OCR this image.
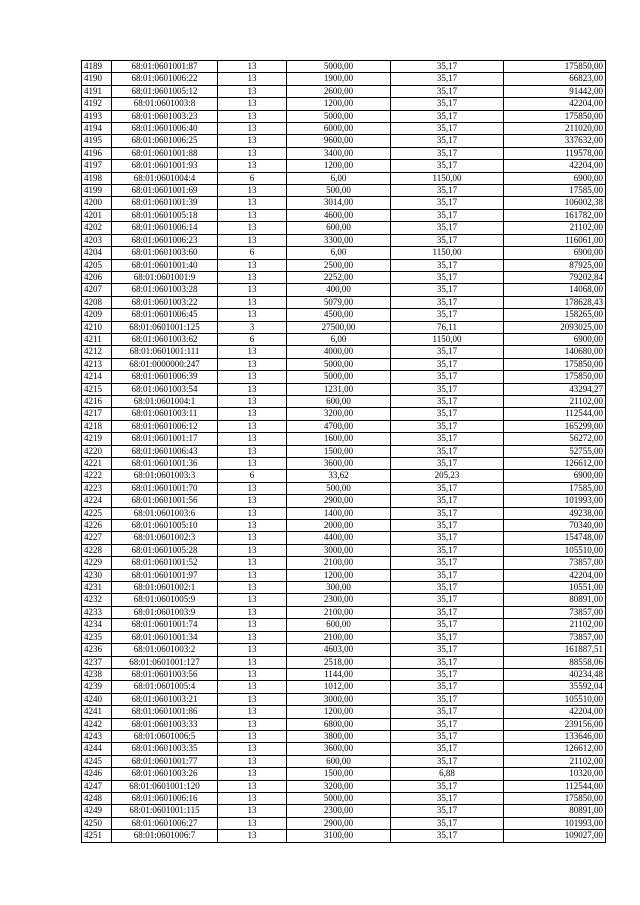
4189	68:01:0601001:87	13	5000,00	35,17	175850,00
4190	68:01:0601006:22	13	1900,00	35,17	66823,00
4191	68:01:0601005:12	13	2600,00	35,17	91442,00
4192	68:01:0601003:8	13	1200,00	35,17	42204,00
4193	68:01:0601003:23	13	5000,00	35,17	175850,00
4194	68:01:0601006:40	13	6000,00	35,17	211020,00
4195	68:01:0601006:25	13	9600,00	35,17	337632,00
4196	68:01:0601001:88	13	3400,00	35,17	119578,00
4197	68:01:0601001:93	13	1200,00	35,17	42204,00
4198	68:01:0601004:4	6	6,00	1150,00	6900,00
4199	68:01:0601001:69	13	500,00	35,17	17585,00
4200	68:01:0601001:39	13	3014,00	35,17	106002,38
4201	68:01:0601005:18	13	4600,00	35,17	161782,00
4202	68:01:0601006:14	13	600,00	35,17	21102,00
4203	68:01:0601006:23	13	3300,00	35,17	116061,00
4204	68:01:0601003:60	6	6,00	1150,00	6900,00
4205	68:01:0601001:40	13	2500,00	35,17	87925,00
4206	68:01:0601001:9	13	2252,00	35,17	79202,84
4207	68:01:0601003:28	13	400,00	35,17	14068,00
4208	68:01:0601003:22	13	5079,00	35,17	178628,43
4209	68:01:0601006:45	13	4500,00	35,17	158265,00
4210	68:01:0601001:125	3	27500,00	76,11	2093025,00
4211	68:01:0601003:62	6	6,00	1150,00	6900,00
4212	68:01:0601001:111	13	4000,00	35,17	140680,00
4213	68:01:0000000:247	13	5000,00	35,17	175850,00
4214	68:01:0601006:39	13	5000,00	35,17	175850,00
4215	68:01:0601003:54	13	1231,00	35,17	43294,27
4216	68:01:0601004:1	13	600,00	35,17	21102,00
4217	68:01:0601003:11	13	3200,00	35,17	112544,00
4218	68:01:0601006:12	13	4700,00	35,17	165299,00
4219	68:01:0601001:17	13	1600,00	35,17	56272,00
4220	68:01:0601006:43	13	1500,00	35,17	52755,00
4221	68:01:0601001:36	13	3600,00	35,17	126612,00
4222	68:01:0601003:3	6	33,62	205,23	6900,00
4223	68:01:0601001:70	13	500,00	35,17	17585,00
4224	68:01:0601001:56	13	2900,00	35,17	101993,00
4225	68:01:0601003:6	13	1400,00	35,17	49238,00
4226	68:01:0601005:10	13	2000,00	35,17	70340,00
4227	68:01:0601002:3	13	4400,00	35,17	154748,00
4228	68:01:0601005:28	13	3000,00	35,17	105510,00
4229	68:01:0601001:52	13	2100,00	35,17	73857,00
4230	68:01:0601001:97	13	1200,00	35,17	42204,00
4231	68:01:0601002:1	13	300,00	35,17	10551,00
4232	68:01:0601005:9	13	2300,00	35,17	80891,00
4233	68:01:0601003:9	13	2100,00	35,17	73857,00
4234	68:01:0601001:74	13	600,00	35,17	21102,00
4235	68:01:0601001:34	13	2100,00	35,17	73857,00
4236	68:01:0601003:2	13	4603,00	35,17	161887,51
4237	68:01:0601001:127	13	2518,00	35,17	88558,06
4238	68:01:0601003:56	13	1144,00	35,17	40234,48
4239	68:01:0601005:4	13	1012,00	35,17	35592,04
4240	68:01:0601003:21	13	3000,00	35,17	105510,00
4241	68:01:0601001:86	13	1200,00	35,17	42204,00
4242	68:01:0601003:33	13	6800,00	35,17	239156,00
4243	68:01:0601006:5	13	3800,00	35,17	133646,00
4244	68:01:0601003:35	13	3600,00	35,17	126612,00
4245	68:01:0601001:77	13	600,00	35,17	21102,00
4246	68:01:0601003:26	13	1500,00	6,88	10320,00
4247	68:01:0601001:120	13	3200,00	35,17	112544,00
4248	68:01:0601006:16	13	5000,00	35,17	175850,00
4249	68:01:0601001:115	13	2300,00	35,17	80891,00
4250	68:01:0601006:27	13	2900,00	35,17	101993,00
4251	68:01:0601006:7	13	3100,00	35,17	109027,00
